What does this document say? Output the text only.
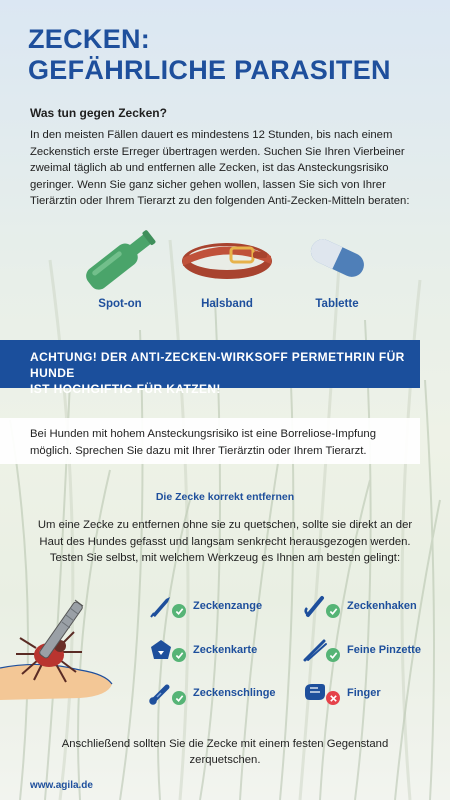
ZECKEN:
GEFÄHRLICHE PARASITEN

Was tun gegen Zecken?

In den meisten Fällen dauert es mindestens 12 Stunden, bis nach einem Zeckenstich erste Erreger übertragen werden. Suchen Sie Ihren Vierbeiner zweimal täglich ab und entfernen alle Zecken, ist das Ansteckungsrisiko geringer. Wenn Sie ganz sicher gehen wollen, lassen Sie sich von Ihrer Tierärztin oder Ihrem Tierarzt zu den folgenden Anti-Zecken-Mitteln beraten:

Spot-on	Halsband	Tablette

ACHTUNG! DER ANTI-ZECKEN-WIRKSOFF PERMETHRIN FÜR HUNDE
IST HOCHGIFTIG FÜR KATZEN!

Bei Hunden mit hohem Ansteckungsrisiko ist eine Borreliose-Impfung
möglich. Sprechen Sie dazu mit Ihrer Tierärztin oder Ihrem Tierarzt.

Die Zecke korrekt entfernen

Um eine Zecke zu entfernen ohne sie zu quetschen, sollte sie direkt an der Haut des Hundes gefasst und langsam senkrecht herausgezogen werden. Testen Sie selbst, mit welchem Werkzeug es Ihnen am besten gelingt:

Zeckenzange	Zeckenhaken
Zeckenkarte	Feine Pinzette
Zeckenschlinge	Finger

Anschließend sollten Sie die Zecke mit einem festen Gegenstand zerquetschen.

www.agila.de
